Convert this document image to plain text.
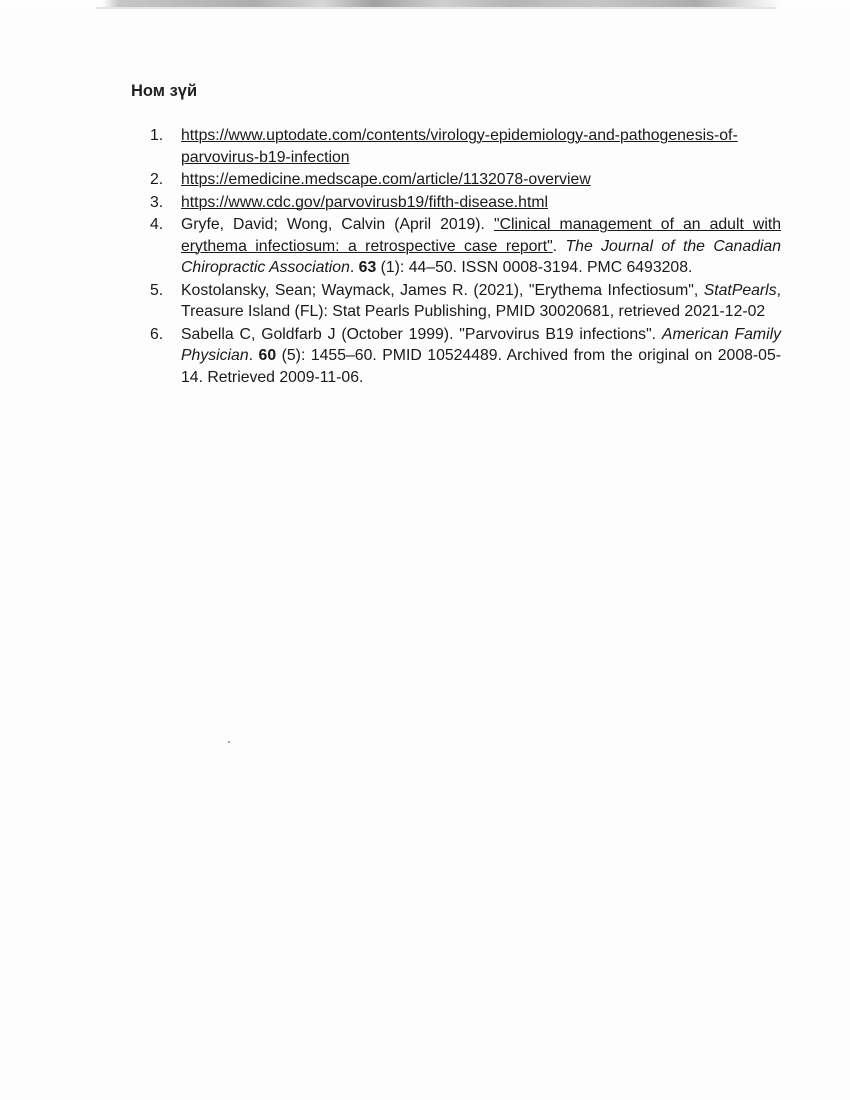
Ном зүй
1.	https://www.uptodate.com/contents/virology-epidemiology-and-pathogenesis-of-parvovirus-b19-infection
2.	https://emedicine.medscape.com/article/1132078-overview
3.	https://www.cdc.gov/parvovirusb19/fifth-disease.html
4.	Gryfe, David; Wong, Calvin (April 2019). "Clinical management of an adult with erythema infectiosum: a retrospective case report". The Journal of the Canadian Chiropractic Association. 63 (1): 44–50. ISSN 0008-3194. PMC 6493208.
5.	Kostolansky, Sean; Waymack, James R. (2021), "Erythema Infectiosum", StatPearls, Treasure Island (FL): Stat Pearls Publishing, PMID 30020681, retrieved 2021-12-02
6.	Sabella C, Goldfarb J (October 1999). "Parvovirus B19 infections". American Family Physician. 60 (5): 1455–60. PMID 10524489. Archived from the original on 2008-05-14. Retrieved 2009-11-06.
